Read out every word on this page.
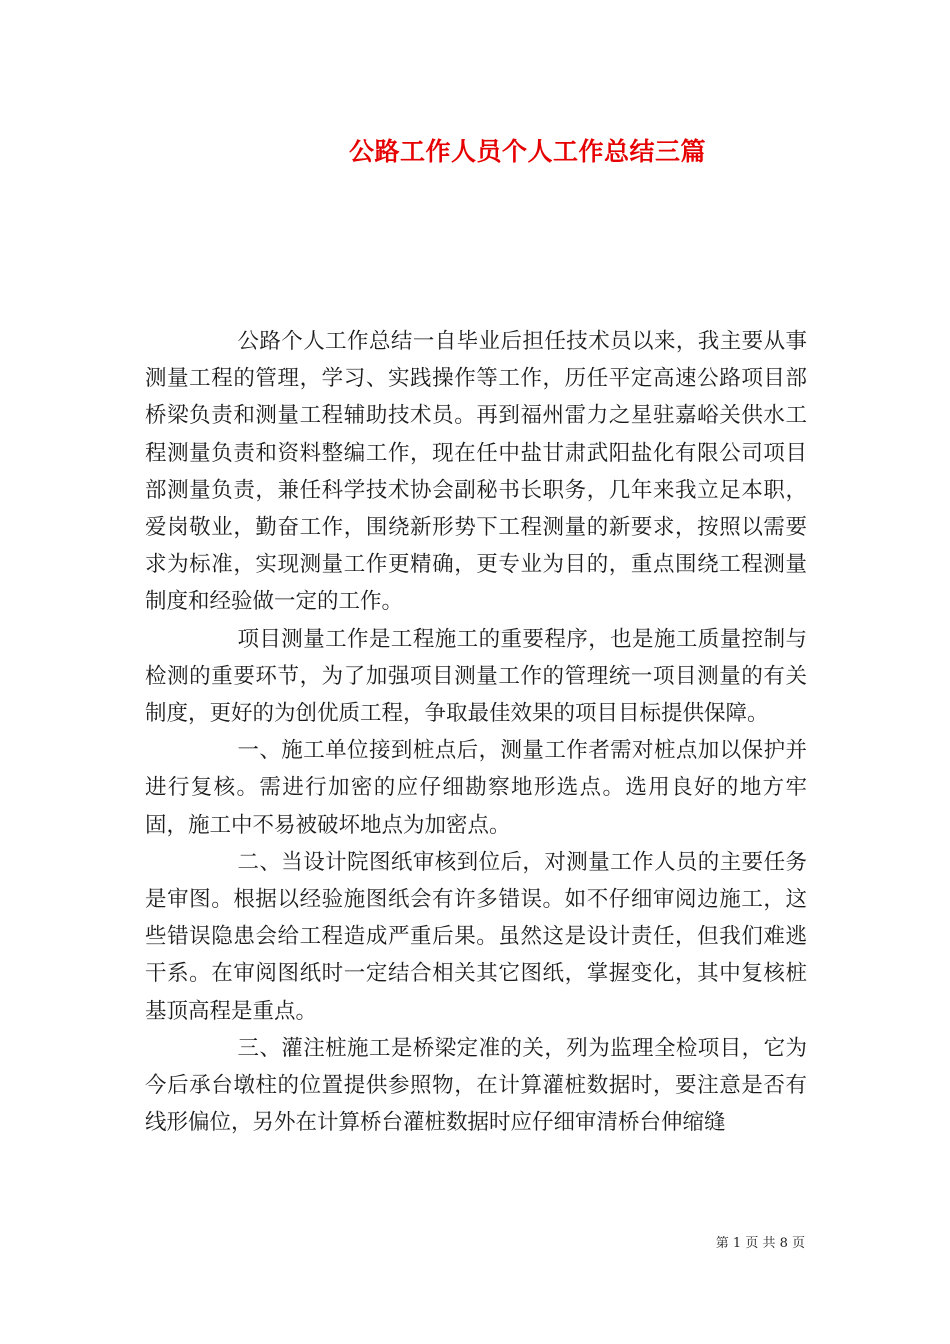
公路工作人员个人工作总结三篇

公路个人工作总结一自毕业后担任技术员以来，我主要从事测量工程的管理，学习、实践操作等工作，历任平定高速公路项目部桥梁负责和测量工程辅助技术员。再到福州雷力之星驻嘉峪关供水工程测量负责和资料整编工作，现在任中盐甘肃武阳盐化有限公司项目部测量负责，兼任科学技术协会副秘书长职务，几年来我立足本职，爱岗敬业，勤奋工作，围绕新形势下工程测量的新要求，按照以需要求为标准，实现测量工作更精确，更专业为目的，重点围绕工程测量制度和经验做一定的工作。

项目测量工作是工程施工的重要程序，也是施工质量控制与检测的重要环节，为了加强项目测量工作的管理统一项目测量的有关制度，更好的为创优质工程，争取最佳效果的项目目标提供保障。

一、施工单位接到桩点后，测量工作者需对桩点加以保护并进行复核。需进行加密的应仔细勘察地形选点。选用良好的地方牢固，施工中不易被破坏地点为加密点。

二、当设计院图纸审核到位后，对测量工作人员的主要任务是审图。根据以经验施图纸会有许多错误。如不仔细审阅边施工，这些错误隐患会给工程造成严重后果。虽然这是设计责任，但我们难逃干系。在审阅图纸时一定结合相关其它图纸，掌握变化，其中复核桩基顶高程是重点。

三、灌注桩施工是桥梁定准的关，列为监理全检项目，它为今后承台墩柱的位置提供参照物，在计算灌桩数据时，要注意是否有线形偏位，另外在计算桥台灌桩数据时应仔细审清桥台伸缩缝

第 1 页 共 8 页
